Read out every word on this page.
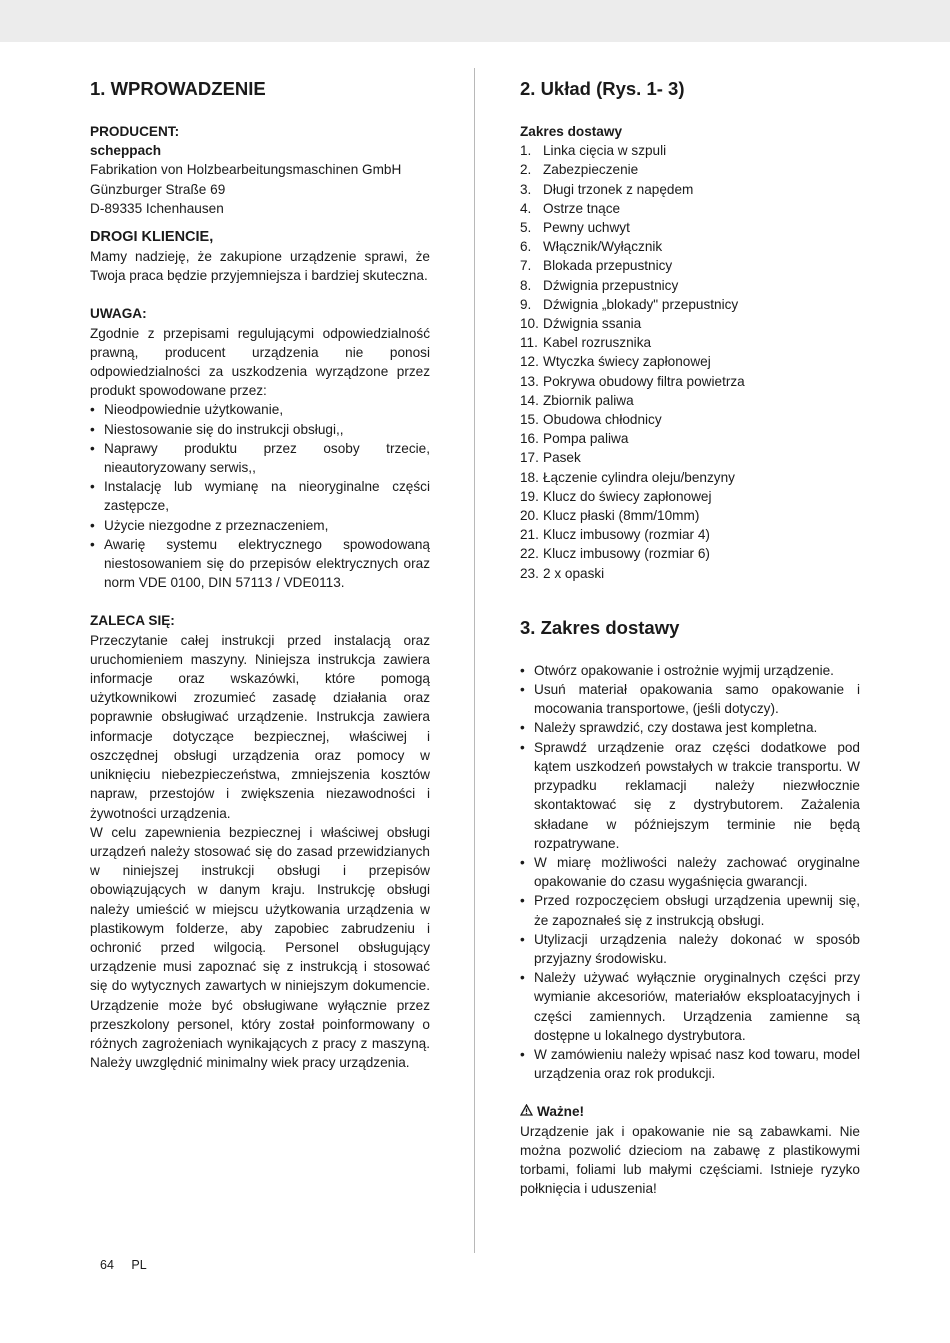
1. WPROWADZENIE

PRODUCENT:

scheppach

Fabrikation von Holzbearbeitungsmaschinen GmbH

Günzburger Straße 69

D-89335 Ichenhausen

DROGI KLIENCIE,

Mamy nadzieję, że zakupione urządzenie sprawi, że Twoja praca będzie przyjemniejsza i bardziej skuteczna.

UWAGA:

Zgodnie z przepisami regulującymi odpowiedzialność prawną, producent urządzenia nie ponosi odpowiedzialności za uszkodzenia wyrządzone przez produkt spowodowane przez:

• Nieodpowiednie użytkowanie,
• Niestosowanie się do instrukcji obsługi,,
• Naprawy produktu przez osoby trzecie, nieautoryzowany serwis,,
• Instalację lub wymianę na nieoryginalne części zastępcze,
• Użycie niezgodne z przeznaczeniem,
• Awarię systemu elektrycznego spowodowaną niestosowaniem się do przepisów elektrycznych oraz norm VDE 0100, DIN 57113 / VDE0113.

ZALECA SIĘ:

Przeczytanie całej instrukcji przed instalacją oraz uruchomieniem maszyny. Niniejsza instrukcja zawiera informacje oraz wskazówki, które pomogą użytkownikowi zrozumieć zasadę działania oraz poprawnie obsługiwać urządzenie. Instrukcja zawiera informacje dotyczące bezpiecznej, właściwej i oszczędnej obsługi urządzenia oraz pomocy w uniknięciu niebezpieczeństwa, zmniejszenia kosztów napraw, przestojów i zwiększenia niezawodności i żywotności urządzenia.

W celu zapewnienia bezpiecznej i właściwej obsługi urządzeń należy stosować się do zasad przewidzianych w niniejszej instrukcji obsługi i przepisów obowiązujących w danym kraju. Instrukcję obsługi należy umieścić w miejscu użytkowania urządzenia w plastikowym folderze, aby zapobiec zabrudzeniu i ochronić przed wilgocią. Personel obsługujący urządzenie musi zapoznać się z instrukcją i stosować się do wytycznych zawartych w niniejszym dokumencie. Urządzenie może być obsługiwane wyłącznie przez przeszkolony personel, który został poinformowany o różnych zagrożeniach wynikających z pracy z maszyną. Należy uwzględnić minimalny wiek pracy urządzenia.

2. Układ (Rys. 1- 3)

Zakres dostawy

1. Linka cięcia w szpuli
2. Zabezpieczenie
3. Długi trzonek z napędem
4. Ostrze tnące
5. Pewny uchwyt
6. Włącznik/Wyłącznik
7. Blokada przepustnicy
8. Dźwignia przepustnicy
9. Dźwignia „blokady" przepustnicy
10. Dźwignia ssania
11. Kabel rozrusznika
12. Wtyczka świecy zapłonowej
13. Pokrywa obudowy filtra powietrza
14. Zbiornik paliwa
15. Obudowa chłodnicy
16. Pompa paliwa
17. Pasek
18. Łączenie cylindra oleju/benzyny
19. Klucz do świecy zapłonowej
20. Klucz płaski (8mm/10mm)
21. Klucz imbusowy (rozmiar 4)
22. Klucz imbusowy (rozmiar 6)
23. 2 x opaski
3. Zakres dostawy
• Otwórz opakowanie i ostrożnie wyjmij urządzenie.
• Usuń materiał opakowania samo opakowanie i mocowania transportowe, (jeśli dotyczy).
• Należy sprawdzić, czy dostawa jest kompletna.
• Sprawdź urządzenie oraz części dodatkowe pod kątem uszkodzeń powstałych w trakcie transportu. W przypadku reklamacji należy niezwłocznie skontaktować się z dystrybutorem. Zażalenia składane w późniejszym terminie nie będą rozpatrywane.
• W miarę możliwości należy zachować oryginalne opakowanie do czasu wygaśnięcia gwarancji.
• Przed rozpoczęciem obsługi urządzenia upewnij się, że zapoznałeś się z instrukcją obsługi.
• Utylizacji urządzenia należy dokonać w sposób przyjazny środowisku.
• Należy używać wyłącznie oryginalnych części przy wymianie akcesoriów, materiałów eksploatacyjnych i części zamiennych. Urządzenia zamienne są dostępne u lokalnego dystrybutora.
• W zamówieniu należy wpisać nasz kod towaru, model urządzenia oraz rok produkcji.

Ważne!

Urządzenie jak i opakowanie nie są zabawkami. Nie można pozwolić dzieciom na zabawę z plastikowymi torbami, foliami lub małymi częściami. Istnieje ryzyko połknięcia i uduszenia!

64 PL
